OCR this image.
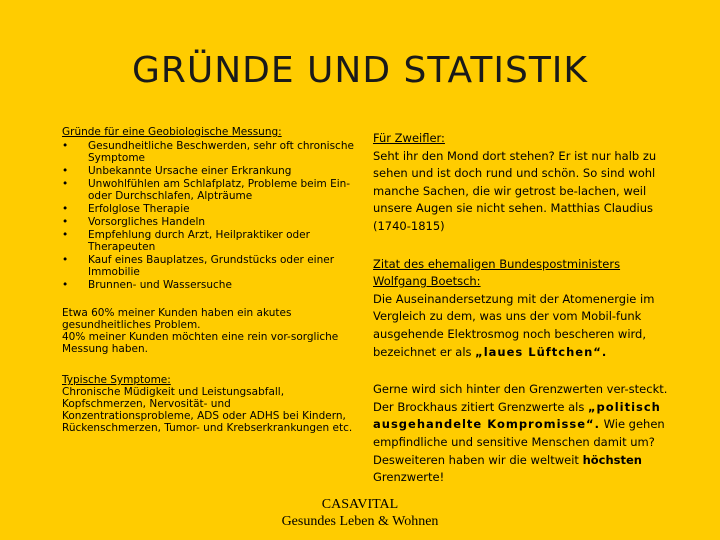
GRÜNDE UND STATISTIK
Gründe für eine Geobiologische Messung:
• Gesundheitliche Beschwerden, sehr oft chronische Symptome
• Unbekannte Ursache einer Erkrankung
• Unwohlfühlen am Schlafplatz, Probleme beim Ein- oder Durchschlafen, Alpträume
• Erfolglose Therapie
• Vorsorgliches Handeln
• Empfehlung durch Arzt, Heilpraktiker oder Therapeuten
• Kauf eines Bauplatzes, Grundstücks oder einer Immobilie
• Brunnen- und Wassersuche

Etwa 60% meiner Kunden haben ein akutes gesundheitliches Problem.
40% meiner Kunden möchten eine rein vor-sorgliche Messung haben.

Typische Symptome:
Chronische Müdigkeit und Leistungsabfall, Kopfschmerzen, Nervosität- und Konzentrationsprobleme, ADS oder ADHS bei Kindern, Rückenschmerzen, Tumor- und Krebserkrankungen etc.

Für Zweifler:
Seht ihr den Mond dort stehen? Er ist nur halb zu sehen und ist doch rund und schön. So sind wohl manche Sachen, die wir getrost be-lachen, weil unsere Augen sie nicht sehen. Matthias Claudius (1740-1815)

Zitat des ehemaligen Bundespostministers Wolfgang Boetsch:
Die Auseinandersetzung mit der Atomenergie im Vergleich zu dem, was uns der vom Mobil-funk ausgehende Elektrosmog noch bescheren wird, bezeichnet er als „laues Lüftchen“.

Gerne wird sich hinter den Grenzwerten ver-steckt. Der Brockhaus zitiert Grenzwerte als „politisch ausgehandelte Kompromisse“. Wie gehen empfindliche und sensitive Menschen damit um? Desweiteren haben wir die weltweit höchsten Grenzwerte!

CASAVITAL
Gesundes Leben & Wohnen
